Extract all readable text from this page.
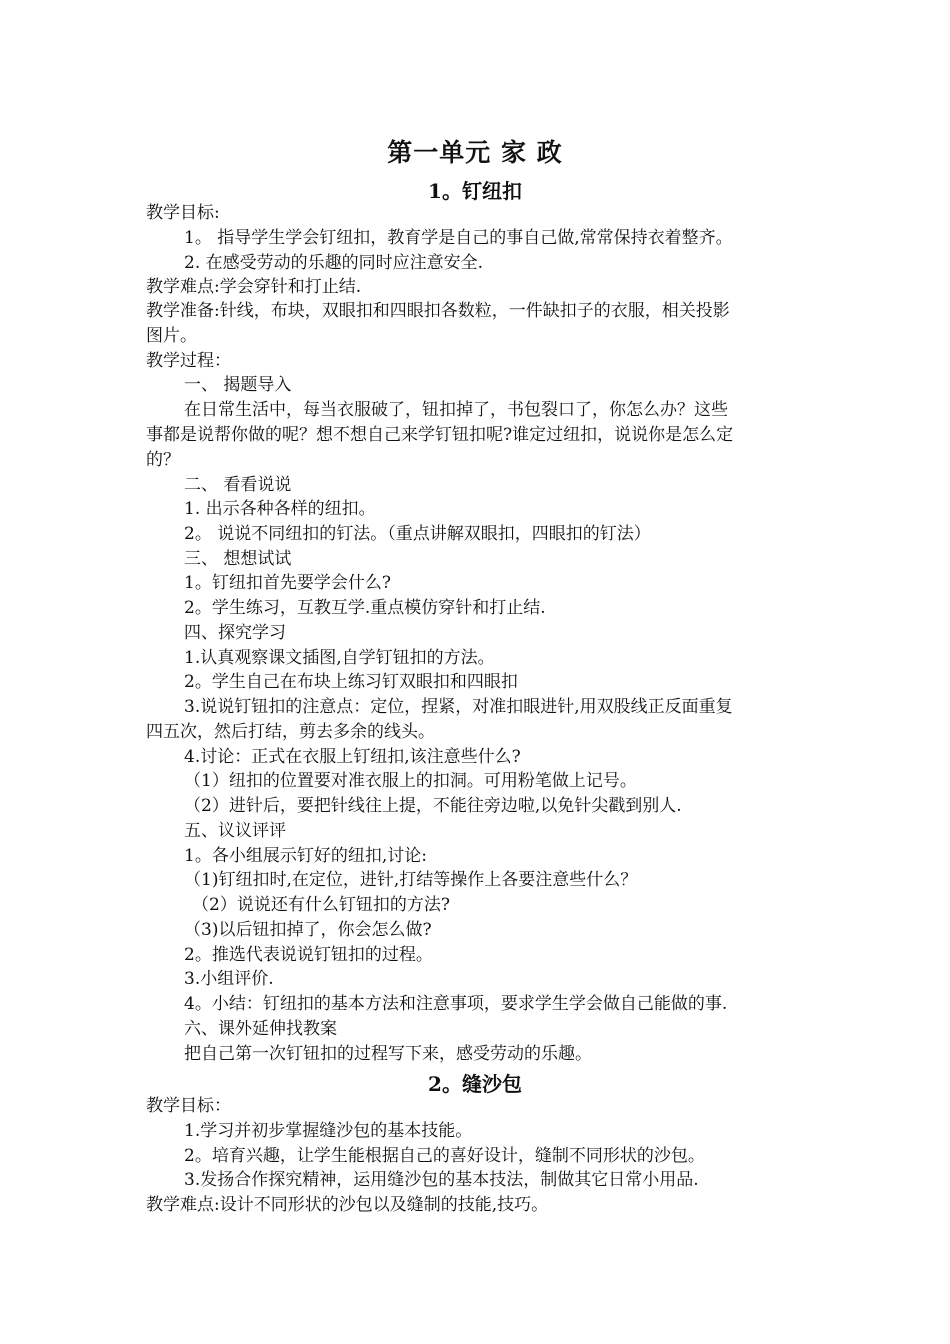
第一单元 家 政
1。钉纽扣
教学目标:
1。 指导学生学会钉纽扣，教育学是自己的事自己做,常常保持衣着整齐。
2. 在感受劳动的乐趣的同时应注意安全.
教学难点:学会穿针和打止结.
教学准备:针线，布块，双眼扣和四眼扣各数粒，一件缺扣子的衣服，相关投影
图片。
教学过程：
一、 揭题导入
在日常生活中，每当衣服破了，钮扣掉了，书包裂口了，你怎么办？这些
事都是说帮你做的呢？想不想自己来学钉钮扣呢?谁定过纽扣，说说你是怎么定
的？
二、 看看说说
1. 出示各种各样的纽扣。
2。 说说不同纽扣的钉法。（重点讲解双眼扣，四眼扣的钉法）
三、 想想试试
1。钉纽扣首先要学会什么?
2。学生练习，互教互学.重点模仿穿针和打止结.
四、探究学习
1.认真观察课文插图,自学钉钮扣的方法。
2。学生自己在布块上练习钉双眼扣和四眼扣
3.说说钉钮扣的注意点：定位，捏紧，对准扣眼进针,用双股线正反面重复
四五次，然后打结，剪去多余的线头。
4.讨论：正式在衣服上钉纽扣,该注意些什么?
（1）纽扣的位置要对准衣服上的扣洞。可用粉笔做上记号。
（2）进针后，要把针线往上提，不能往旁边啦,以免针尖戳到别人.
五、议议评评
1。各小组展示钉好的纽扣,讨论:
（1)钉纽扣时,在定位，进针,打结等操作上各要注意些什么？
（2）说说还有什么钉钮扣的方法?
（3)以后钮扣掉了，你会怎么做?
2。推选代表说说钉钮扣的过程。
3.小组评价.
4。小结：钉纽扣的基本方法和注意事项，要求学生学会做自己能做的事.
六、课外延伸找教案
把自己第一次钉钮扣的过程写下来，感受劳动的乐趣。
2。缝沙包
教学目标：
1.学习并初步掌握缝沙包的基本技能。
2。培育兴趣，让学生能根据自己的喜好设计，缝制不同形状的沙包。
3.发扬合作探究精神，运用缝沙包的基本技法，制做其它日常小用品.
教学难点:设计不同形状的沙包以及缝制的技能,技巧。
